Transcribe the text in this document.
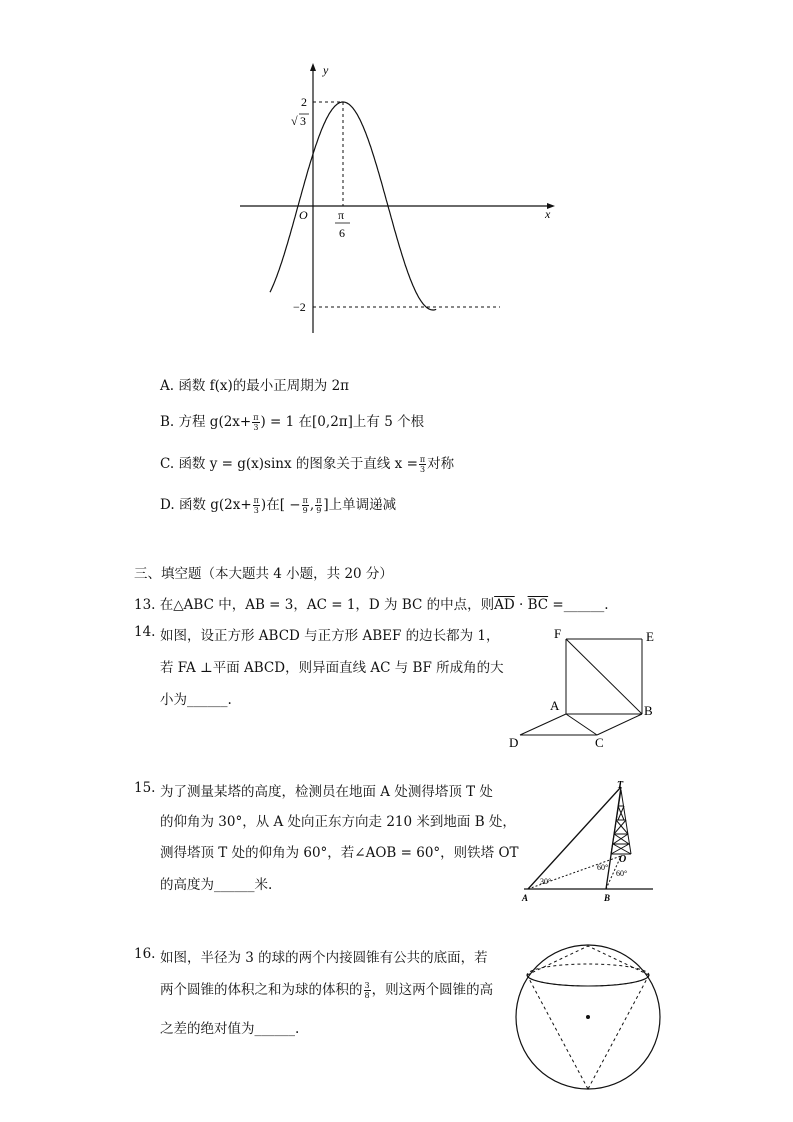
y
x
O
2
√ 3
π
6
−2
A. 函数 f(x)的最小正周期为 2π
B. 方程 $g(2x+ \frac{\pi}{3}$ ) = 1 在[0,2π]上有 5 个根
C. 函数 y = g(x)sinx 的图象关于直线 $x = \frac{\pi}{3}$ 对称
D. 函数 $g(2x+ \frac{\pi}{3}$ )在[ − $\frac{\pi}{9}$ , $\frac{\pi}{9}$ ]上单调递减
三、填空题（本大题共 4 小题，共 20 分）
13. 在△ABC 中，AB = 3，AC = 1，D 为 BC 的中点，则$\overline{AD} \cdot \overline{BC}$ =______.
14. 如图，设正方形 ABCD 与正方形 ABEF 的边长都为 1，
若 FA ⊥平面 ABCD，则异面直线 AC 与 BF 所成角的大
小为______.
F	E
A	B
D	C
15. 为了测量某塔的高度，检测员在地面 A 处测得塔顶 T 处
的仰角为 30°，从 A 处向正东方向走 210 米到地面 B 处，
测得塔顶 T 处的仰角为 60°，若∠AOB = 60°，则铁塔 OT
的高度为______米.
T
O
A	B
30°
60°
60°
16. 如图，半径为 3 的球的两个内接圆锥有公共的底面，若
两个圆锥的体积之和为球的体积的 $\frac{3}{8}$ ，则这两个圆锥的高
之差的绝对值为______.
